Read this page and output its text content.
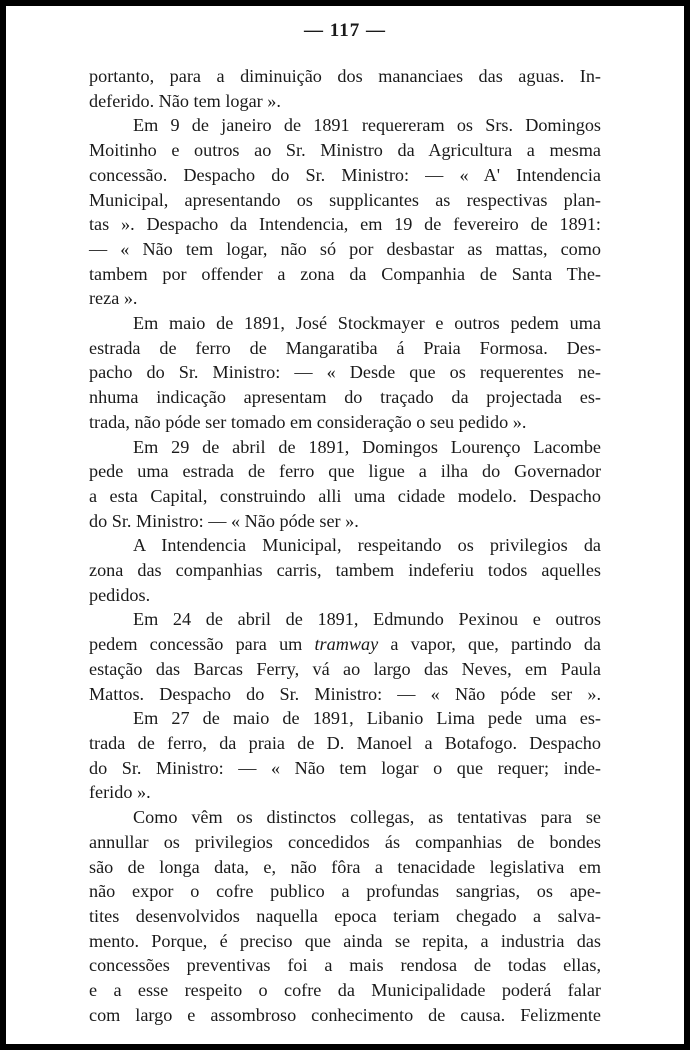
— 117 —

portanto, para a diminuição dos mananciaes das aguas. In-

deferido. Não tem logar ».

Em 9 de janeiro de 1891 requereram os Srs. Domingos

Moitinho e outros ao Sr. Ministro da Agricultura a mesma

concessão. Despacho do Sr. Ministro: — « A' Intendencia

Municipal, apresentando os supplicantes as respectivas plan-

tas ». Despacho da Intendencia, em 19 de fevereiro de 1891:

— « Não tem logar, não só por desbastar as mattas, como

tambem por offender a zona da Companhia de Santa The-

reza ».

Em maio de 1891, José Stockmayer e outros pedem uma

estrada de ferro de Mangaratiba á Praia Formosa. Des-

pacho do Sr. Ministro: — « Desde que os requerentes ne-

nhuma indicação apresentam do traçado da projectada es-

trada, não póde ser tomado em consideração o seu pedido ».

Em 29 de abril de 1891, Domingos Lourenço Lacombe

pede uma estrada de ferro que ligue a ilha do Governador

a esta Capital, construindo alli uma cidade modelo. Despacho

do Sr. Ministro: — « Não póde ser ».

A Intendencia Municipal, respeitando os privilegios da

zona das companhias carris, tambem indeferiu todos aquelles

pedidos.

Em 24 de abril de 1891, Edmundo Pexinou e outros

pedem concessão para um tramway a vapor, que, partindo da

estação das Barcas Ferry, vá ao largo das Neves, em Paula

Mattos. Despacho do Sr. Ministro: — « Não póde ser ».

Em 27 de maio de 1891, Libanio Lima pede uma es-

trada de ferro, da praia de D. Manoel a Botafogo. Despacho

do Sr. Ministro: — « Não tem logar o que requer; inde-

ferido ».

Como vêm os distinctos collegas, as tentativas para se

annullar os privilegios concedidos ás companhias de bondes

são de longa data, e, não fôra a tenacidade legislativa em

não expor o cofre publico a profundas sangrias, os ape-

tites desenvolvidos naquella epoca teriam chegado a salva-

mento. Porque, é preciso que ainda se repita, a industria das

concessões preventivas foi a mais rendosa de todas ellas,

e a esse respeito o cofre da Municipalidade poderá falar

com largo e assombroso conhecimento de causa. Felizmente
